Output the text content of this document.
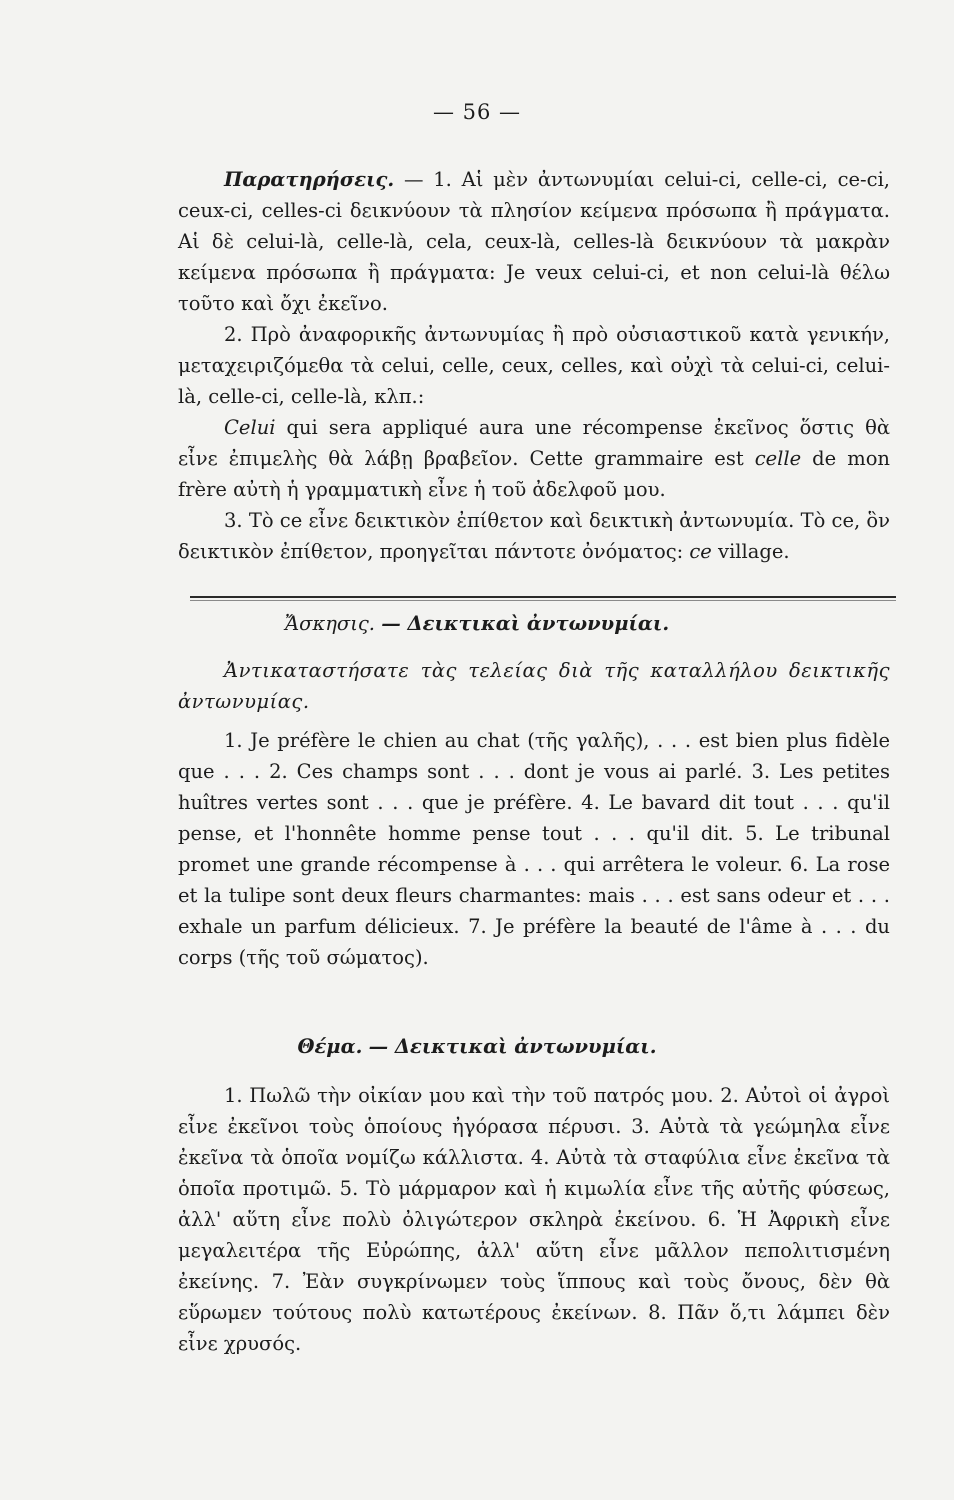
— 56 —

Παρατηρήσεις. — 1. Αἱ μὲν ἀντωνυμίαι celui-ci, celle-ci, ce-ci, ceux-ci, celles-ci δεικνύουν τὰ πλησίον κείμενα πρόσωπα ἢ πράγματα. Αἱ δὲ celui-là, celle-là, cela, ceux-là, celles-là δεικνύουν τὰ μακρὰν κείμενα πρόσωπα ἢ πράγματα: Je veux celui-ci, et non celui-là θέλω τοῦτο καὶ ὄχι ἐκεῖνο.

2. Πρὸ ἀναφορικῆς ἀντωνυμίας ἢ πρὸ οὐσιαστικοῦ κατὰ γενικήν, μεταχειριζόμεθα τὰ celui, celle, ceux, celles, καὶ οὐχὶ τὰ celui-ci, celui-là, celle-ci, celle-là, κλπ.:

Celui qui sera appliqué aura une récompense ἐκεῖνος ὅστις θὰ εἶνε ἐπιμελὴς θὰ λάβῃ βραβεῖον. Cette grammaire est celle de mon frère αὐτὴ ἡ γραμματικὴ εἶνε ἡ τοῦ ἀδελφοῦ μου.

3. Τὸ ce εἶνε δεικτικὸν ἐπίθετον καὶ δεικτικὴ ἀντωνυμία. Τὸ ce, ὃν δεικτικὸν ἐπίθετον, προηγεῖται πάντοτε ὀνόματος: ce village.

Ἄσκησις. — Δεικτικαὶ ἀντωνυμίαι.

Ἀντικαταστήσατε τὰς τελείας διὰ τῆς καταλλήλου δεικτικῆς ἀντωνυμίας.

1. Je préfère le chien au chat (τῆς γαλῆς), . . . est bien plus fidèle que . . . 2. Ces champs sont . . . dont je vous ai parlé. 3. Les petites huîtres vertes sont . . . que je préfère. 4. Le bavard dit tout . . . qu'il pense, et l'honnête homme pense tout . . . qu'il dit. 5. Le tribunal promet une grande récompense à . . . qui arrêtera le voleur. 6. La rose et la tulipe sont deux fleurs charmantes: mais . . . est sans odeur et . . . exhale un parfum délicieux. 7. Je préfère la beauté de l'âme à . . . du corps (τῆς τοῦ σώματος).

Θέμα. — Δεικτικαὶ ἀντωνυμίαι.

1. Πωλῶ τὴν οἰκίαν μου καὶ τὴν τοῦ πατρός μου. 2. Αὐτοὶ οἱ ἀγροὶ εἶνε ἐκεῖνοι τοὺς ὁποίους ἠγόρασα πέρυσι. 3. Αὐτὰ τὰ γεώμηλα εἶνε ἐκεῖνα τὰ ὁποῖα νομίζω κάλλιστα. 4. Αὐτὰ τὰ σταφύλια εἶνε ἐκεῖνα τὰ ὁποῖα προτιμῶ. 5. Τὸ μάρμαρον καὶ ἡ κιμωλία εἶνε τῆς αὐτῆς φύσεως, ἀλλ' αὕτη εἶνε πολὺ ὀλιγώτερον σκληρὰ ἐκείνου. 6. Ἡ Ἀφρικὴ εἶνε μεγαλειτέρα τῆς Εὐρώπης, ἀλλ' αὕτη εἶνε μᾶλλον πεπολιτισμένη ἐκείνης. 7. Ἐὰν συγκρίνωμεν τοὺς ἵππους καὶ τοὺς ὄνους, δὲν θὰ εὕρωμεν τούτους πολὺ κατωτέρους ἐκείνων. 8. Πᾶν ὅ,τι λάμπει δὲν εἶνε χρυσός.
